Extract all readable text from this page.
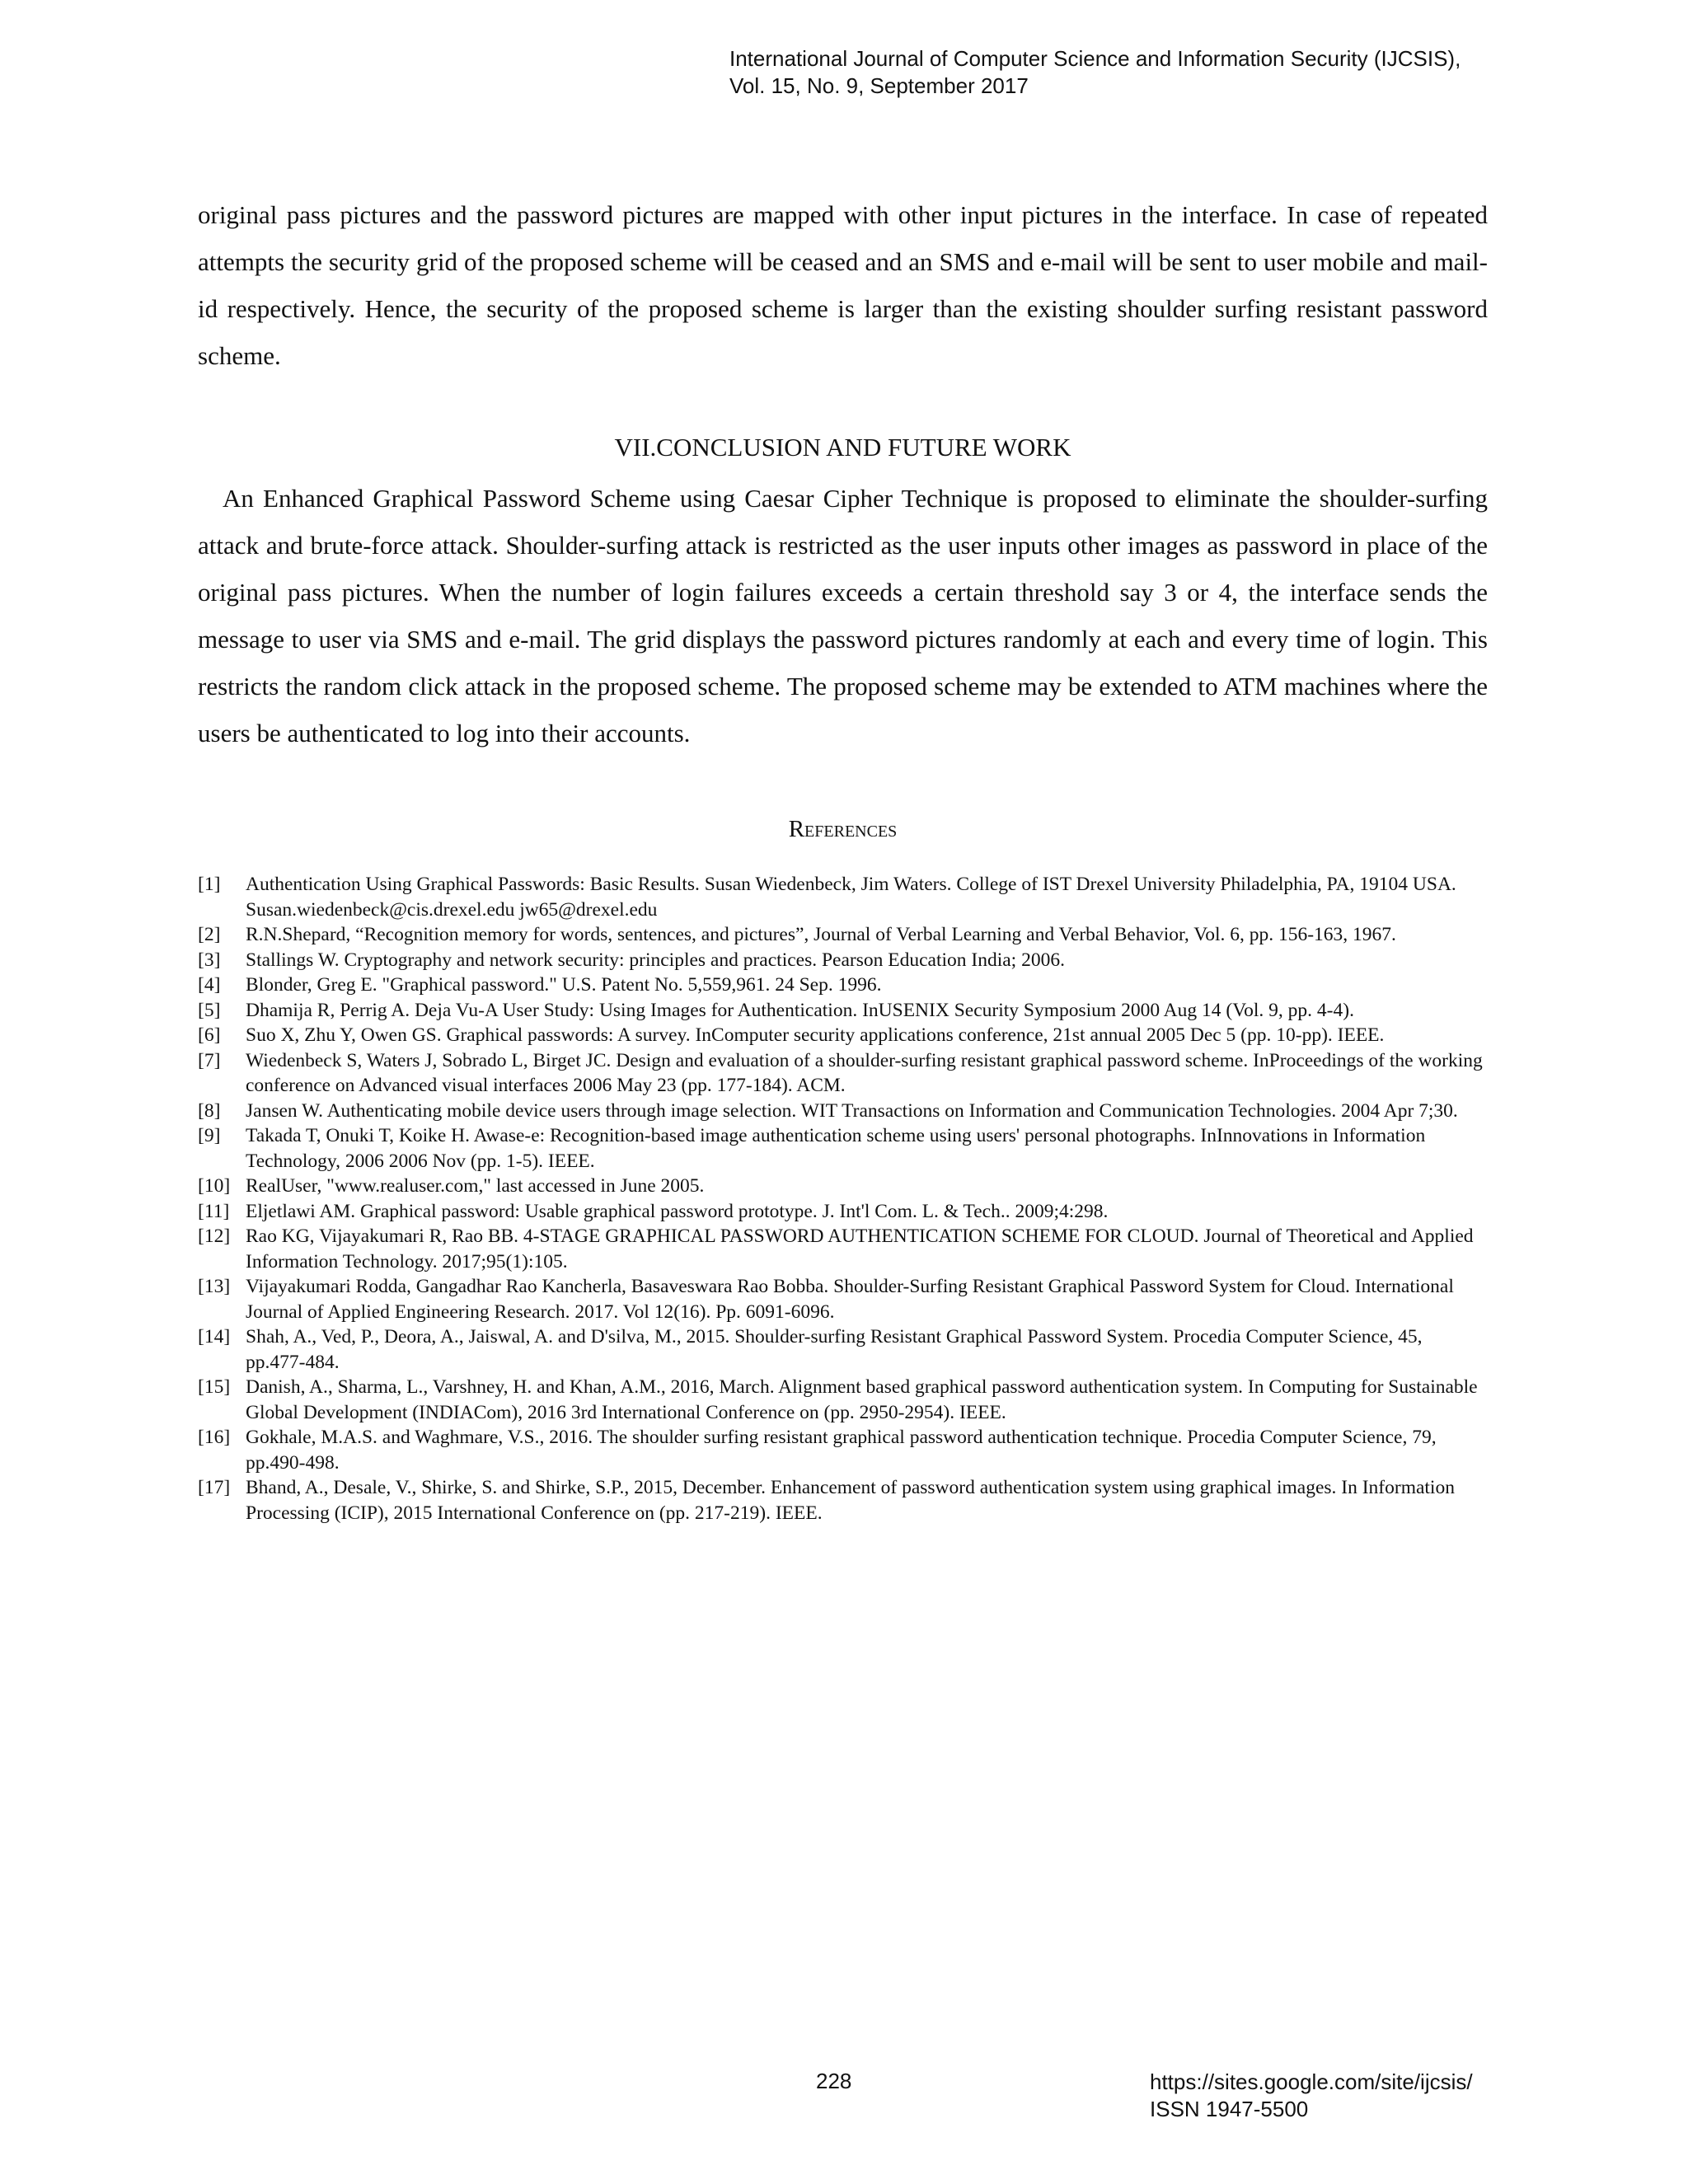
International Journal of Computer Science and Information Security (IJCSIS),
Vol. 15, No. 9, September 2017

original pass pictures and the password pictures are mapped with other input pictures in the interface. In case of repeated attempts the security grid of the proposed scheme will be ceased and an SMS and e-mail will be sent to user mobile and mail-id respectively. Hence, the security of the proposed scheme is larger than the existing shoulder surfing resistant password scheme.

VII.CONCLUSION AND FUTURE WORK

An Enhanced Graphical Password Scheme using Caesar Cipher Technique is proposed to eliminate the shoulder-surfing attack and brute-force attack. Shoulder-surfing attack is restricted as the user inputs other images as password in place of the original pass pictures. When the number of login failures exceeds a certain threshold say 3 or 4, the interface sends the message to user via SMS and e-mail. The grid displays the password pictures randomly at each and every time of login. This restricts the random click attack in the proposed scheme. The proposed scheme may be extended to ATM machines where the users be authenticated to log into their accounts.

References
[1]	Authentication Using Graphical Passwords: Basic Results. Susan Wiedenbeck, Jim Waters. College of IST Drexel University Philadelphia, PA, 19104 USA. Susan.wiedenbeck@cis.drexel.edu jw65@drexel.edu
[2]	R.N.Shepard, “Recognition memory for words, sentences, and pictures”, Journal of Verbal Learning and Verbal Behavior, Vol. 6, pp. 156-163, 1967.
[3]	Stallings W. Cryptography and network security: principles and practices. Pearson Education India; 2006.
[4]	Blonder, Greg E. "Graphical password." U.S. Patent No. 5,559,961. 24 Sep. 1996.
[5]	Dhamija R, Perrig A. Deja Vu-A User Study: Using Images for Authentication. InUSENIX Security Symposium 2000 Aug 14 (Vol. 9, pp. 4-4).
[6]	Suo X, Zhu Y, Owen GS. Graphical passwords: A survey. InComputer security applications conference, 21st annual 2005 Dec 5 (pp. 10-pp). IEEE.
[7]	Wiedenbeck S, Waters J, Sobrado L, Birget JC. Design and evaluation of a shoulder-surfing resistant graphical password scheme. InProceedings of the working conference on Advanced visual interfaces 2006 May 23 (pp. 177-184). ACM.
[8]	Jansen W. Authenticating mobile device users through image selection. WIT Transactions on Information and Communication Technologies. 2004 Apr 7;30.
[9]	Takada T, Onuki T, Koike H. Awase-e: Recognition-based image authentication scheme using users' personal photographs. InInnovations in Information Technology, 2006 2006 Nov (pp. 1-5). IEEE.
[10] RealUser, "www.realuser.com," last accessed in June 2005.
[11] Eljetlawi AM. Graphical password: Usable graphical password prototype. J. Int'l Com. L. & Tech.. 2009;4:298.
[12] Rao KG, Vijayakumari R, Rao BB. 4-STAGE GRAPHICAL PASSWORD AUTHENTICATION SCHEME FOR CLOUD. Journal of Theoretical and Applied Information Technology. 2017;95(1):105.
[13] Vijayakumari Rodda, Gangadhar Rao Kancherla, Basaveswara Rao Bobba. Shoulder-Surfing Resistant Graphical Password System for Cloud. International Journal of Applied Engineering Research. 2017. Vol 12(16). Pp. 6091-6096.
[14] Shah, A., Ved, P., Deora, A., Jaiswal, A. and D'silva, M., 2015. Shoulder-surfing Resistant Graphical Password System. Procedia Computer Science, 45, pp.477-484.
[15] Danish, A., Sharma, L., Varshney, H. and Khan, A.M., 2016, March. Alignment based graphical password authentication system. In Computing for Sustainable Global Development (INDIACom), 2016 3rd International Conference on (pp. 2950-2954). IEEE.
[16] Gokhale, M.A.S. and Waghmare, V.S., 2016. The shoulder surfing resistant graphical password authentication technique. Procedia Computer Science, 79, pp.490-498.
[17] Bhand, A., Desale, V., Shirke, S. and Shirke, S.P., 2015, December. Enhancement of password authentication system using graphical images. In Information Processing (ICIP), 2015 International Conference on (pp. 217-219). IEEE.
228	https://sites.google.com/site/ijcsis/
ISSN 1947-5500
